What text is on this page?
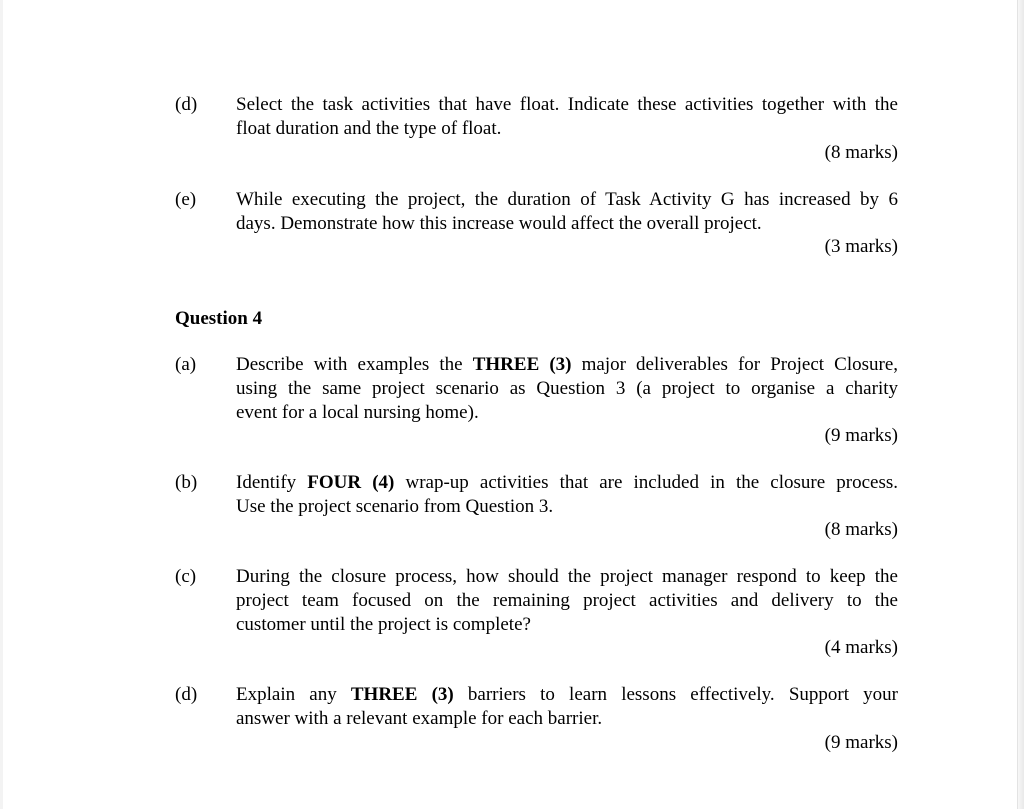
(d) Select the task activities that have float. Indicate these activities together with the
float duration and the type of float.
(8 marks)
(e) While executing the project, the duration of Task Activity G has increased by 6
days. Demonstrate how this increase would affect the overall project.
(3 marks)
Question 4
(a) Describe with examples the THREE (3) major deliverables for Project Closure,
using the same project scenario as Question 3 (a project to organise a charity
event for a local nursing home).
(9 marks)
(b) Identify FOUR (4) wrap-up activities that are included in the closure process.
Use the project scenario from Question 3.
(8 marks)
(c) During the closure process, how should the project manager respond to keep the
project team focused on the remaining project activities and delivery to the
customer until the project is complete?
(4 marks)
(d) Explain any THREE (3) barriers to learn lessons effectively. Support your
answer with a relevant example for each barrier.
(9 marks)
